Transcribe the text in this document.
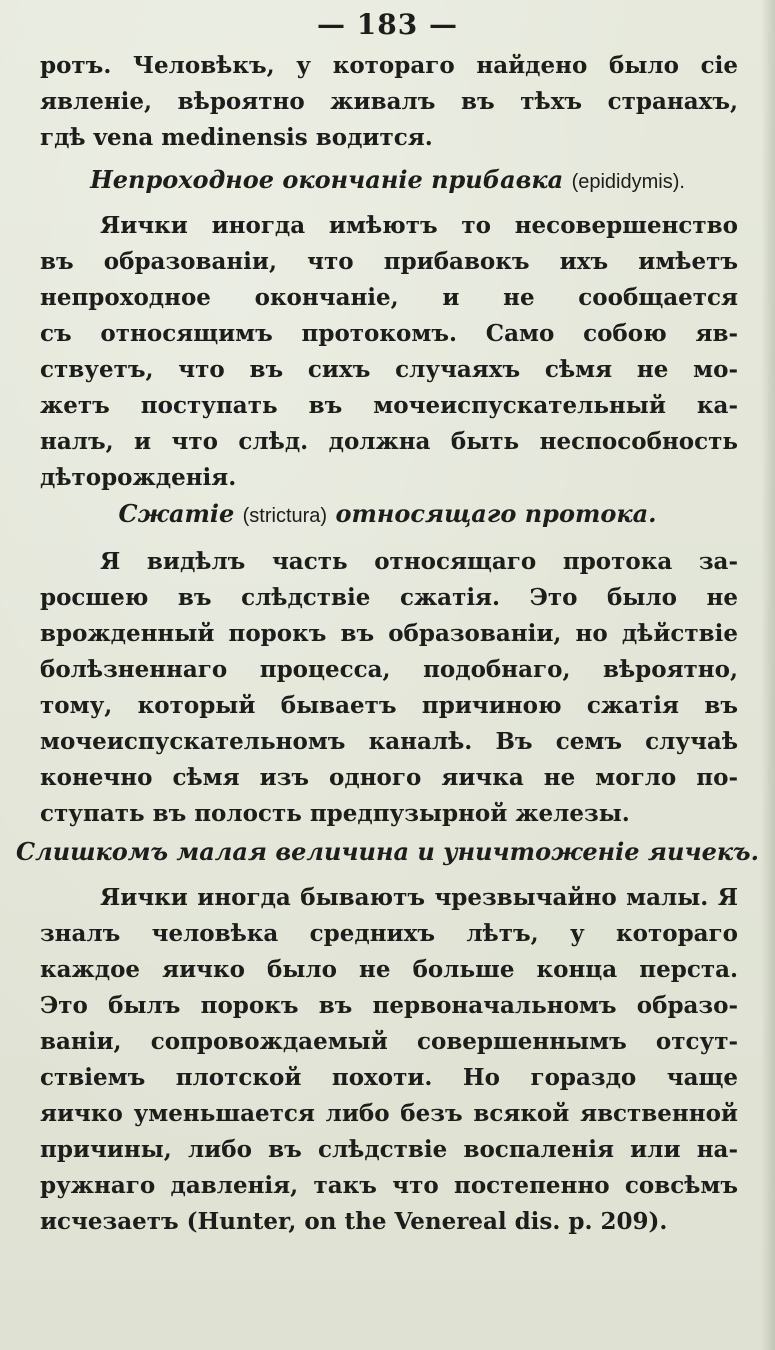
— 183 —
ротъ. Человѣкъ, у котораго найдено было сіе
явленіе, вѣроятно живалъ въ тѣхъ странахъ,
гдѣ vena medinensis водится.
Непроходное окончаніе прибавка (epididymis).
Яички иногда имѣютъ то несовершенство
въ образованіи, что прибавокъ ихъ имѣетъ
непроходное окончаніе, и не сообщается
съ относящимъ протокомъ. Само собою яв-
ствуетъ, что въ сихъ случаяхъ сѣмя не мо-
жетъ поступать въ мочеиспускательный ка-
налъ, и что слѣд. должна быть неспособность
дѣторожденія.
Сжатіе (strictura) относящаго протока.
Я видѣлъ часть относящаго протока за-
росшею въ слѣдствіе сжатія. Это было не
врожденный порокъ въ образованіи, но дѣйствіе
болѣзненнаго процесса, подобнаго, вѣроятно,
тому, который бываетъ причиною сжатія въ
мочеиспускательномъ каналѣ. Въ семъ случаѣ
конечно сѣмя изъ одного яичка не могло по-
ступать въ полость предпузырной железы.
Слишкомъ малая величина и уничтоженіе яичекъ.
Яички иногда бываютъ чрезвычайно малы. Я
зналъ человѣка среднихъ лѣтъ, у котораго
каждое яичко было не больше конца перста.
Это былъ порокъ въ первоначальномъ образо-
ваніи, сопровождаемый совершеннымъ отсут-
ствіемъ плотской похоти. Но гораздо чаще
яичко уменьшается либо безъ всякой явственной
причины, либо въ слѣдствіе воспаленія или на-
ружнаго давленія, такъ что постепенно совсѣмъ
исчезаетъ (Hunter, on the Venereal dis. p. 209).
